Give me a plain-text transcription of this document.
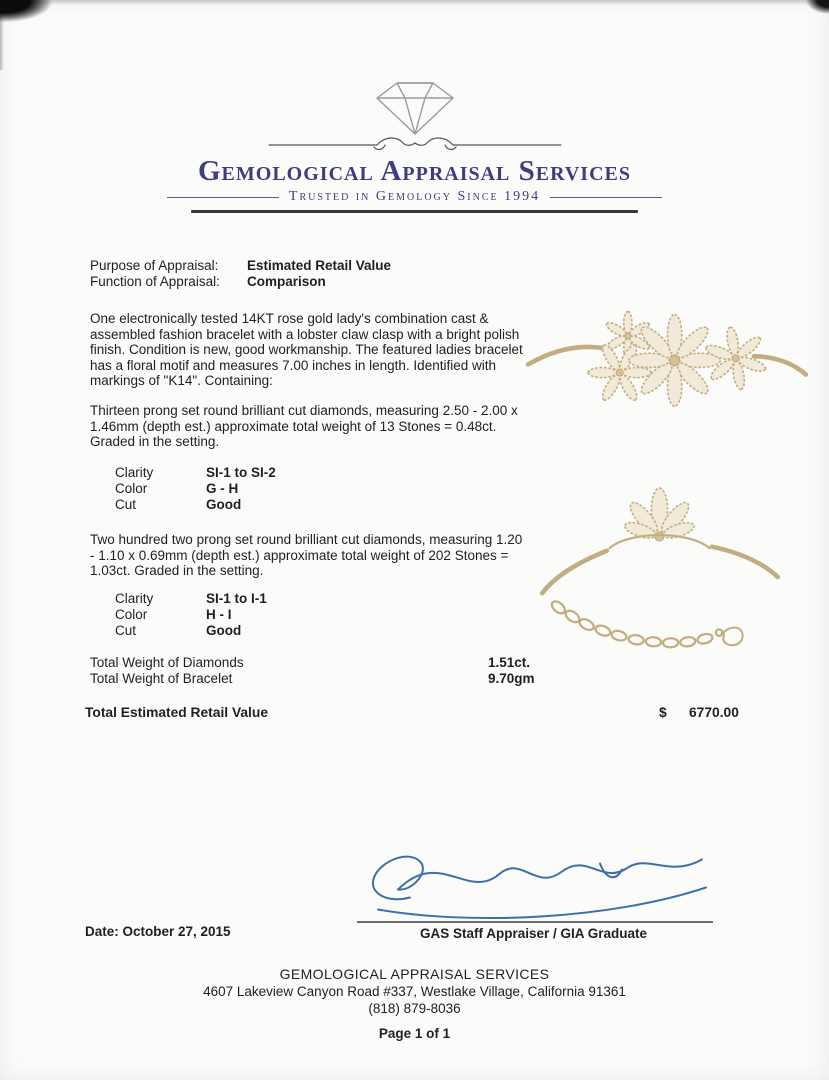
Gemological Appraisal Services
Trusted in Gemology Since 1994
Purpose of Appraisal:	Estimated Retail Value
Function of Appraisal:	Comparison

One electronically tested 14KT rose gold lady's combination cast & assembled fashion bracelet with a lobster claw clasp with a bright polish finish. Condition is new, good workmanship. The featured ladies bracelet has a floral motif and measures 7.00 inches in length. Identified with markings of "K14". Containing:

Thirteen prong set round brilliant cut diamonds, measuring 2.50 - 2.00 x 1.46mm (depth est.) approximate total weight of 13 Stones = 0.48ct. Graded in the setting.

Clarity	SI-1 to SI-2
Color	G - H
Cut	Good

Two hundred two prong set round brilliant cut diamonds, measuring 1.20 - 1.10 x 0.69mm (depth est.) approximate total weight of 202 Stones = 1.03ct. Graded in the setting.

Clarity	SI-1 to I-1
Color	H - I
Cut	Good
Total Weight of Diamonds	1.51ct.
Total Weight of Bracelet	9.70gm
Total Estimated Retail Value	$ 6770.00
Date: October 27, 2015	GAS Staff Appraiser / GIA Graduate
GEMOLOGICAL APPRAISAL SERVICES
4607 Lakeview Canyon Road #337, Westlake Village, California 91361
(818) 879-8036
Page 1 of 1
